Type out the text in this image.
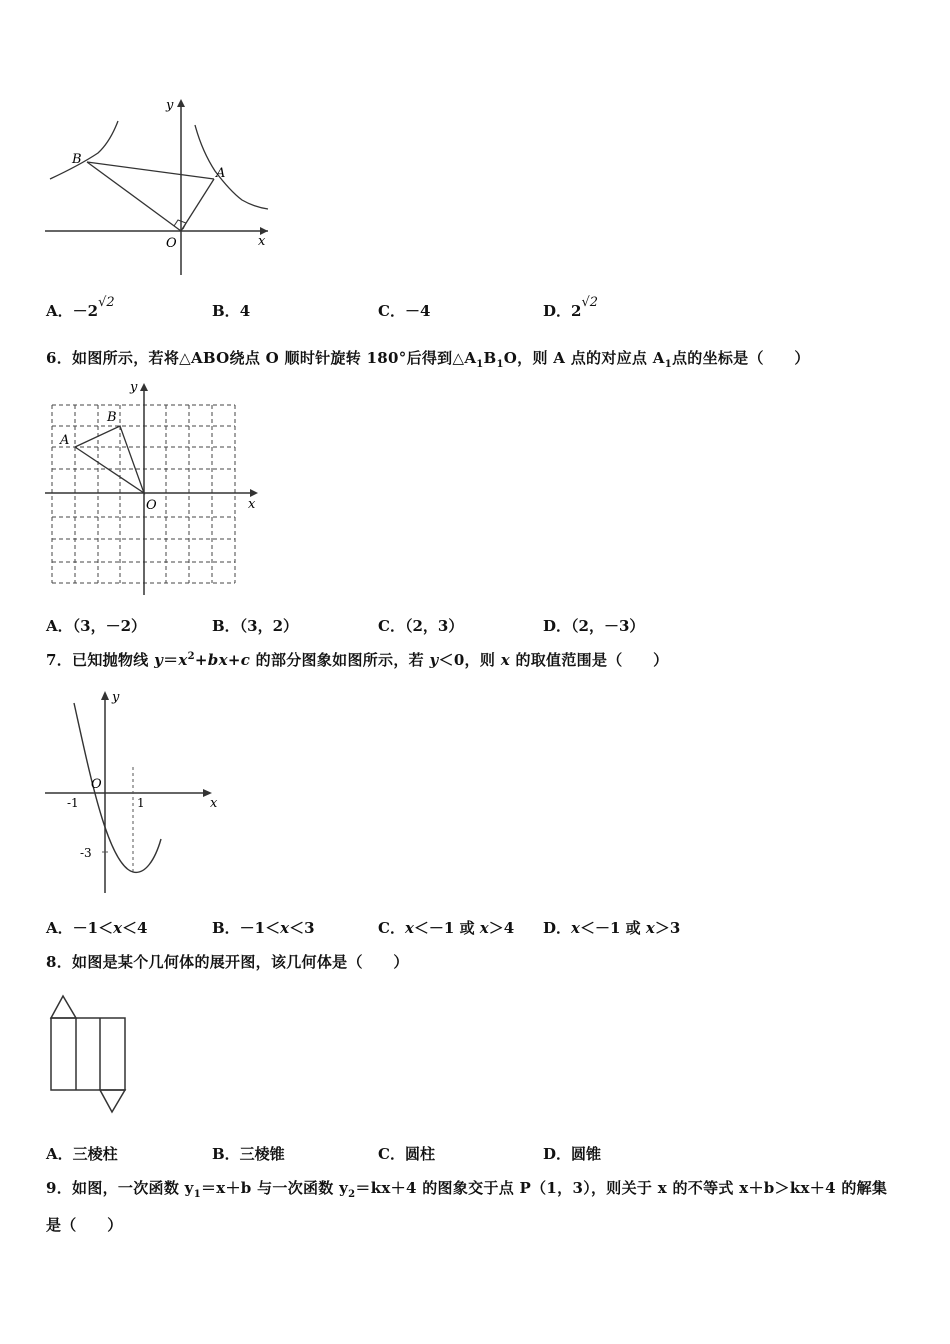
y
x
B
A
O
A．－2√2	B．4	C．－4	D．2√2
6．如图所示，若将△ABO绕点 O 顺时针旋转 180°后得到$\triangle A_1B_1O$，则 A 点的对应点 $A_1$点的坐标是（　　）
y
x
B
A
O
A．（3，－2）	B．（3，2）	C．（2，3）	D．（2，－3）
7．已知抛物线 $y=x^2+bx+c$ 的部分图象如图所示，若 y＜0，则 x 的取值范围是（　　）
y
x
O
-1	1
-3
A．－1＜x＜4	B．－1＜x＜3	C．x＜－1 或 x＞4 D．x＜－1 或 x＞3
8．如图是某个几何体的展开图，该几何体是（　　）
A．三棱柱	B．三棱锥	C．圆柱	D．圆锥
9．如图，一次函数 $y_1=x+b$ 与一次函数 $y_2=kx+4$ 的图象交于点 P（1，3），则关于 x 的不等式 x＋b＞kx＋4 的解集
是（　　）
